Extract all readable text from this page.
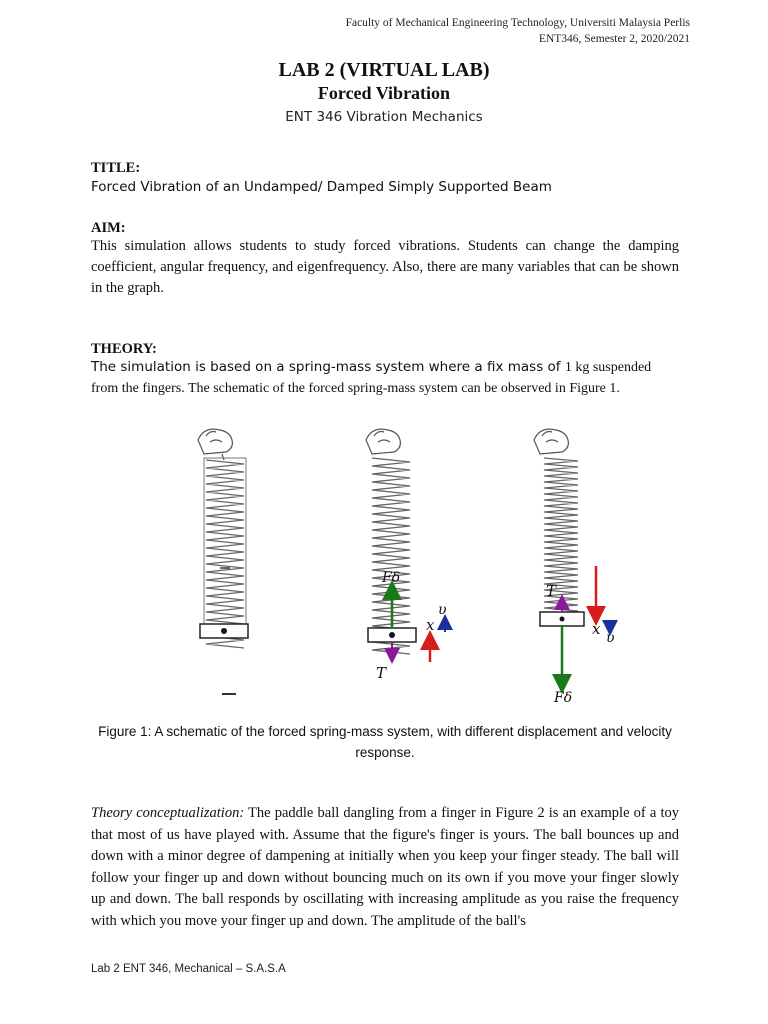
Faculty of Mechanical Engineering Technology, Universiti Malaysia Perlis
ENT346, Semester 2, 2020/2021

LAB 2 (VIRTUAL LAB)

Forced Vibration

ENT 346 Vibration Mechanics
TITLE:
Forced Vibration of an Undamped/ Damped Simply Supported Beam
AIM:
This simulation allows students to study forced vibrations. Students can change the damping coefficient, angular frequency, and eigenfrequency. Also, there are many variables that can be shown in the graph.
THEORY:
The simulation is based on a spring-mass system where a fix mass of 1 kg suspended from the fingers. The schematic of the forced spring-mass system can be observed in Figure 1.
Fδ
x
υ
T
T
x υ
Fδ
Figure 1: A schematic of the forced spring-mass system, with different displacement and velocity response.
Theory conceptualization: The paddle ball dangling from a finger in Figure 2 is an example of a toy that most of us have played with. Assume that the figure's finger is yours. The ball bounces up and down with a minor degree of dampening at initially when you keep your finger steady. The ball will follow your finger up and down without bouncing much on its own if you move your finger slowly up and down. The ball responds by oscillating with increasing amplitude as you raise the frequency with which you move your finger up and down. The amplitude of the ball's
Lab 2 ENT 346, Mechanical – S.A.S.A
